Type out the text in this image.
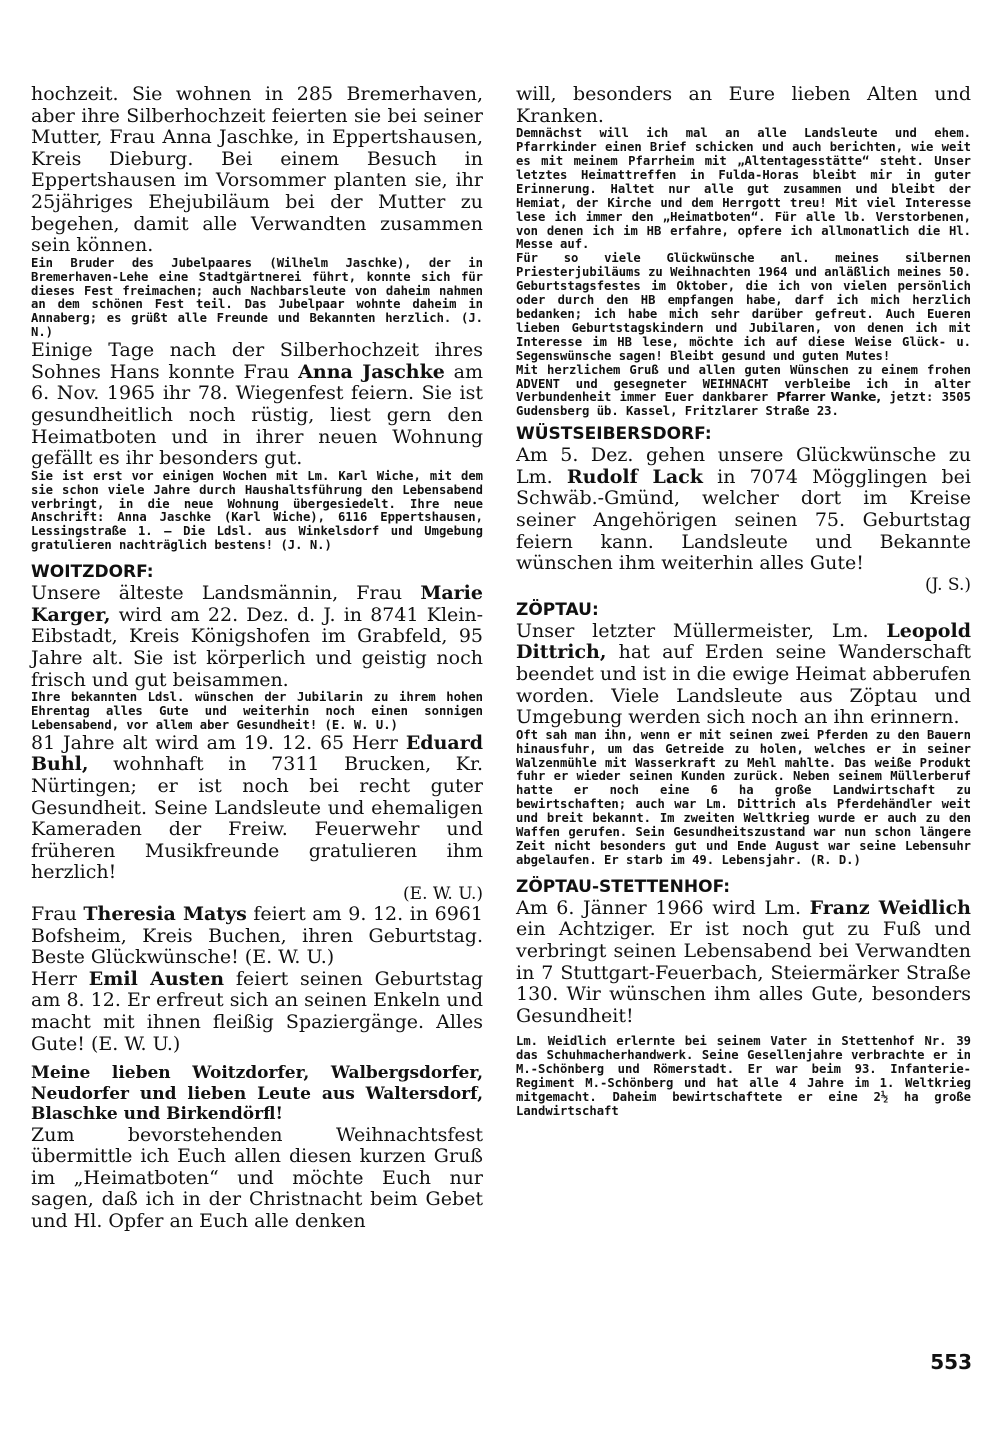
hochzeit. Sie wohnen in 285 Bremerhaven, aber ihre Silberhochzeit feierten sie bei seiner Mutter, Frau Anna Jaschke, in Eppertshausen, Kreis Dieburg. Bei einem Besuch in Eppertshausen im Vorsommer planten sie, ihr 25jähriges Ehejubiläum bei der Mutter zu begehen, damit alle Verwandten zusammen sein können.

Ein Bruder des Jubelpaares (Wilhelm Jaschke), der in Bremerhaven-Lehe eine Stadtgärtnerei führt, konnte sich für dieses Fest freimachen; auch Nachbarsleute von daheim nahmen an dem schönen Fest teil. Das Jubelpaar wohnte daheim in Annaberg; es grüßt alle Freunde und Bekannten herzlich. (J. N.)

Einige Tage nach der Silberhochzeit ihres Sohnes Hans konnte Frau Anna Jaschke am 6. Nov. 1965 ihr 78. Wiegenfest feiern. Sie ist gesundheitlich noch rüstig, liest gern den Heimatboten und in ihrer neuen Wohnung gefällt es ihr besonders gut.

Sie ist erst vor einigen Wochen mit Lm. Karl Wiche, mit dem sie schon viele Jahre durch Haushaltsführung den Lebensabend verbringt, in die neue Wohnung übergesiedelt. Ihre neue Anschrift: Anna Jaschke (Karl Wiche), 6116 Eppertshausen, Lessingstraße 1. — Die Ldsl. aus Winkelsdorf und Umgebung gratulieren nachträglich bestens! (J. N.)

WOITZDORF:

Unsere älteste Landsmännin, Frau Marie Karger, wird am 22. Dez. d. J. in 8741 Klein-Eibstadt, Kreis Königshofen im Grabfeld, 95 Jahre alt. Sie ist körperlich und geistig noch frisch und gut beisammen.

Ihre bekannten Ldsl. wünschen der Jubilarin zu ihrem hohen Ehrentag alles Gute und weiterhin noch einen sonnigen Lebensabend, vor allem aber Gesundheit! (E. W. U.)

81 Jahre alt wird am 19. 12. 65 Herr Eduard Buhl, wohnhaft in 7311 Brucken, Kr. Nürtingen; er ist noch bei recht guter Gesundheit. Seine Landsleute und ehemaligen Kameraden der Freiw. Feuerwehr und früheren Musikfreunde gratulieren ihm herzlich!

(E. W. U.)

Frau Theresia Matys feiert am 9. 12. in 6961 Bofsheim, Kreis Buchen, ihren Geburtstag. Beste Glückwünsche! (E. W. U.)

Herr Emil Austen feiert seinen Geburtstag am 8. 12. Er erfreut sich an seinen Enkeln und macht mit ihnen fleißig Spaziergänge. Alles Gute! (E. W. U.)

Meine lieben Woitzdorfer, Walbergsdorfer, Neudorfer und lieben Leute aus Waltersdorf, Blaschke und Birkendörfl!

Zum bevorstehenden Weihnachtsfest übermittle ich Euch allen diesen kurzen Gruß im „Heimatboten“ und möchte Euch nur sagen, daß ich in der Christnacht beim Gebet und Hl. Opfer an Euch alle denken

will, besonders an Eure lieben Alten und Kranken.

Demnächst will ich mal an alle Landsleute und ehem. Pfarrkinder einen Brief schicken und auch berichten, wie weit es mit meinem Pfarrheim mit „Altentagesstätte“ steht. Unser letztes Heimattreffen in Fulda-Horas bleibt mir in guter Erinnerung. Haltet nur alle gut zusammen und bleibt der Hemiat, der Kirche und dem Herrgott treu! Mit viel Interesse lese ich immer den „Heimatboten“. Für alle lb. Verstorbenen, von denen ich im HB erfahre, opfere ich allmonatlich die Hl. Messe auf.

Für so viele Glückwünsche anl. meines silbernen Priesterjubiläums zu Weihnachten 1964 und anläßlich meines 50. Geburtstagsfestes im Oktober, die ich von vielen persönlich oder durch den HB empfangen habe, darf ich mich herzlich bedanken; ich habe mich sehr darüber gefreut. Auch Eueren lieben Geburtstagskindern und Jubilaren, von denen ich mit Interesse im HB lese, möchte ich auf diese Weise Glück- u. Segenswünsche sagen! Bleibt gesund und guten Mutes!

Mit herzlichem Gruß und allen guten Wünschen zu einem frohen ADVENT und gesegneter WEIHNACHT verbleibe ich in alter Verbundenheit immer Euer dankbarer Pfarrer Wanke, jetzt: 3505 Gudensberg üb. Kassel, Fritzlarer Straße 23.

WÜSTSEIBERSDORF:

Am 5. Dez. gehen unsere Glückwünsche zu Lm. Rudolf Lack in 7074 Mögglingen bei Schwäb.-Gmünd, welcher dort im Kreise seiner Angehörigen seinen 75. Geburtstag feiern kann. Landsleute und Bekannte wünschen ihm weiterhin alles Gute!

(J. S.)

ZÖPTAU:

Unser letzter Müllermeister, Lm. Leopold Dittrich, hat auf Erden seine Wanderschaft beendet und ist in die ewige Heimat abberufen worden. Viele Landsleute aus Zöptau und Umgebung werden sich noch an ihn erinnern.

Oft sah man ihn, wenn er mit seinen zwei Pferden zu den Bauern hinausfuhr, um das Getreide zu holen, welches er in seiner Walzenmühle mit Wasserkraft zu Mehl mahlte. Das weiße Produkt fuhr er wieder seinen Kunden zurück. Neben seinem Müllerberuf hatte er noch eine 6 ha große Landwirtschaft zu bewirtschaften; auch war Lm. Dittrich als Pferdehändler weit und breit bekannt. Im zweiten Weltkrieg wurde er auch zu den Waffen gerufen. Sein Gesundheitszustand war nun schon längere Zeit nicht besonders gut und Ende August war seine Lebensuhr abgelaufen. Er starb im 49. Lebensjahr. (R. D.)

ZÖPTAU-STETTENHOF:

Am 6. Jänner 1966 wird Lm. Franz Weidlich ein Achtziger. Er ist noch gut zu Fuß und verbringt seinen Lebensabend bei Verwandten in 7 Stuttgart-Feuerbach, Steiermärker Straße 130. Wir wünschen ihm alles Gute, besonders Gesundheit!

Lm. Weidlich erlernte bei seinem Vater in Stettenhof Nr. 39 das Schuhmacherhandwerk. Seine Gesellenjahre verbrachte er in M.-Schönberg und Römerstadt. Er war beim 93. Infanterie-Regiment M.-Schönberg und hat alle 4 Jahre im 1. Weltkrieg mitgemacht. Daheim bewirtschaftete er eine 2½ ha große Landwirtschaft

553
